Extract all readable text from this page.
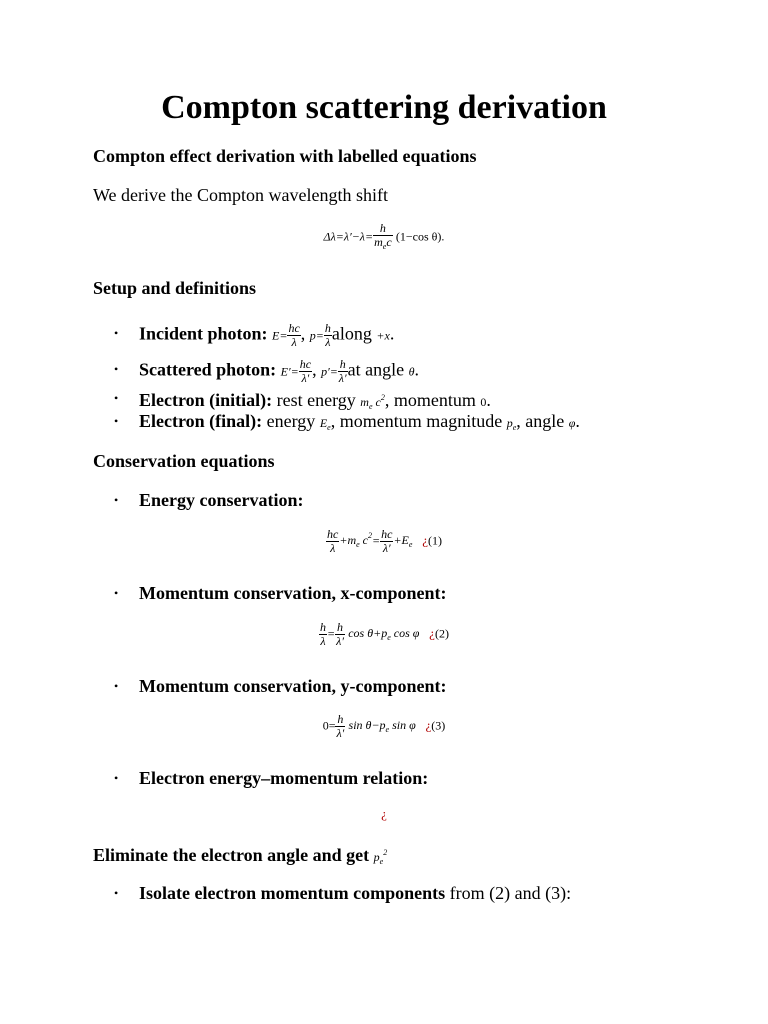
Compton scattering derivation

Compton effect derivation with labelled equations

We derive the Compton wavelength shift

$\Delta\lambda=\lambda'-\lambda= \frac{h}{m_ec} (1-\cos$ θ).

Setup and definitions

• Incident photon: $E= \frac{hc}{\lambda}$ , $p= \frac{h}{\lambda}$ along +x.
• Scattered photon: $E'= \frac{hc}{\lambda'}$ , $p'= \frac{h}{\lambda'}$ at angle θ.
• Electron (initial): rest energy $m_e$ $c^2$, momentum 0.
• Electron (final): energy $E_e$, momentum magnitude $p_e$, angle φ.

Conservation equations

• Energy conservation:
$\frac{hc}{\lambda} +m_e$ $c^2= \frac{hc}{\lambda'} +E_e$ ¿(1)
• Momentum conservation, x-component:
$\frac{h}{\lambda} = \frac{h}{\lambda'}$ $\cos \theta+p_e$ cos φ ¿(2)
• Momentum conservation, y-component:
$0= \frac{h}{\lambda'}$ $\sin \theta-p_e$ sin φ ¿(3)
• Electron energy–momentum relation:
¿

Eliminate the electron angle and get $p_e^2$

• Isolate electron momentum components from (2) and (3):
